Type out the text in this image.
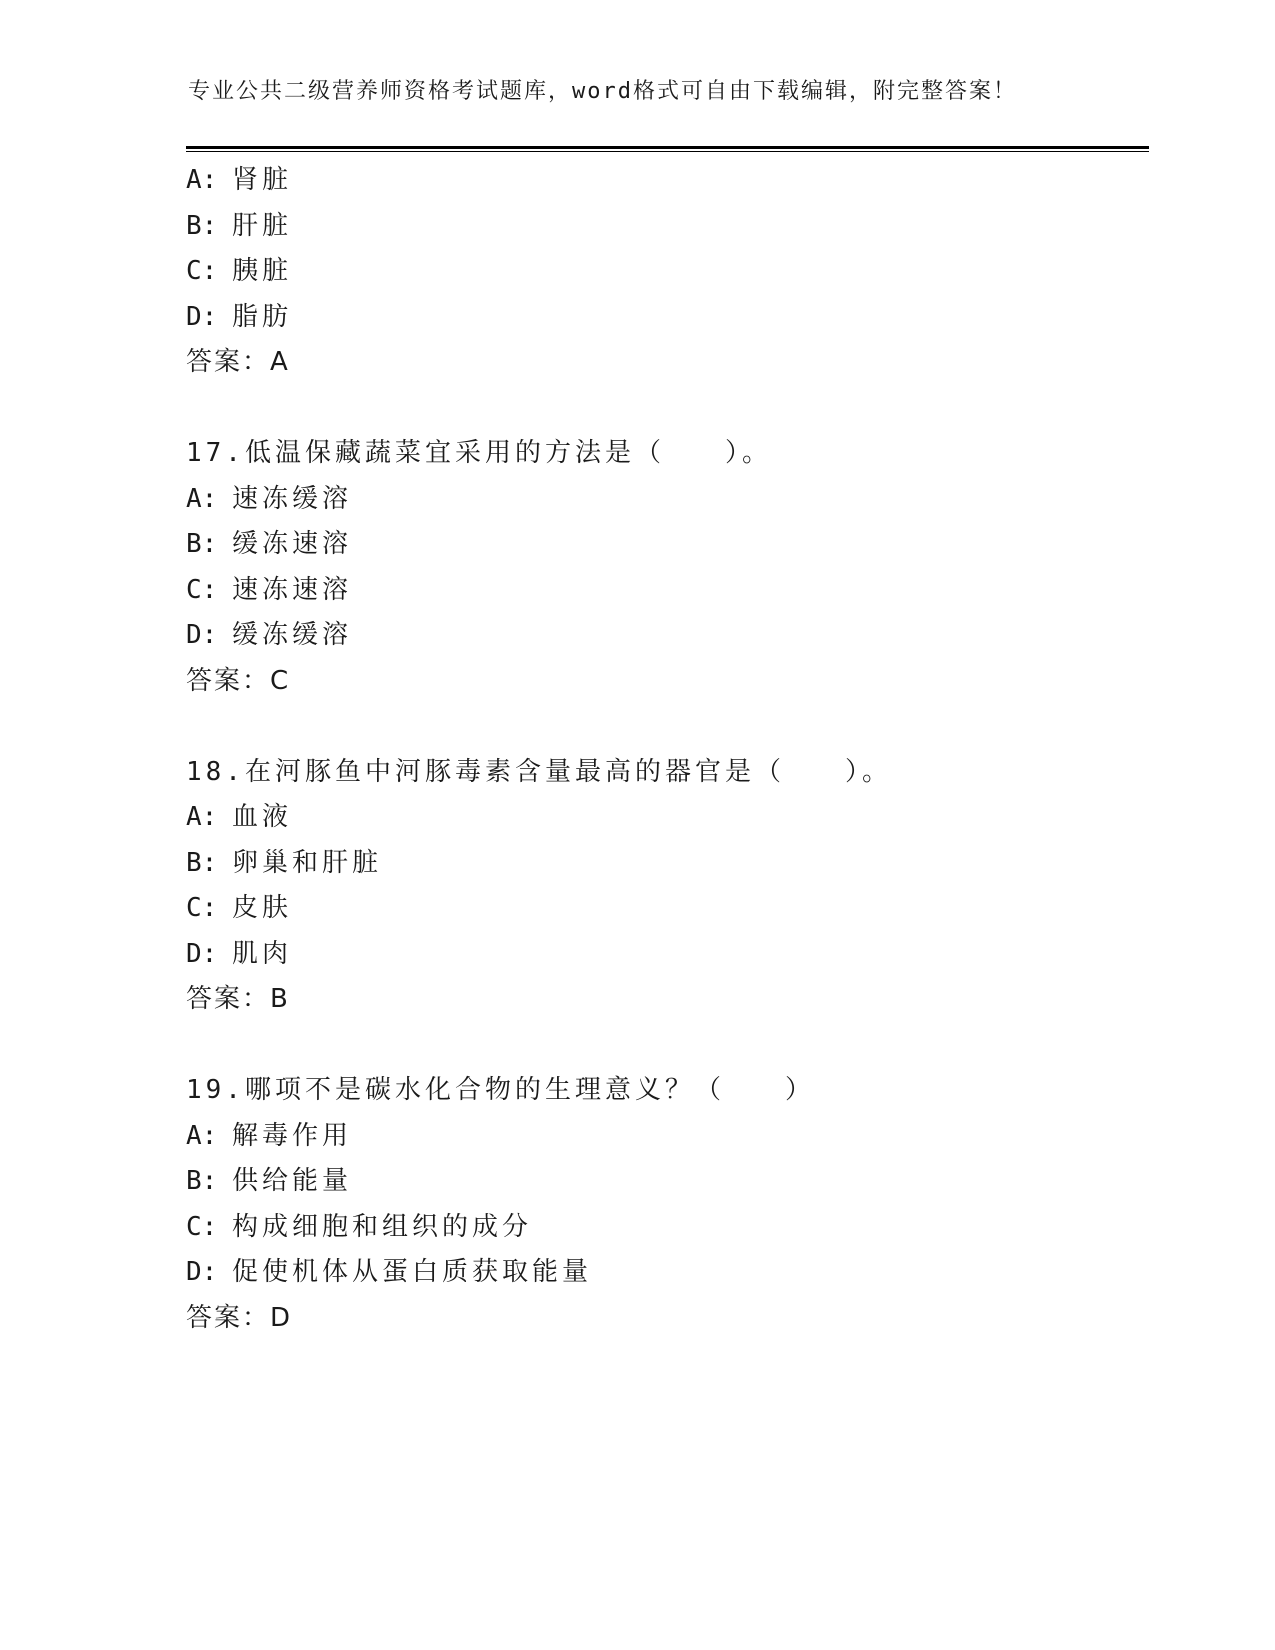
专业公共二级营养师资格考试题库，word格式可自由下载编辑，附完整答案！
A: 肾脏
B: 肝脏
C: 胰脏
D: 脂肪
答案：A
17.低温保藏蔬菜宜采用的方法是（　　）。
A: 速冻缓溶
B: 缓冻速溶
C: 速冻速溶
D: 缓冻缓溶
答案：C
18.在河豚鱼中河豚毒素含量最高的器官是（　　）。
A: 血液
B: 卵巢和肝脏
C: 皮肤
D: 肌肉
答案：B
19.哪项不是碳水化合物的生理意义？（　　）
A: 解毒作用
B: 供给能量
C: 构成细胞和组织的成分
D: 促使机体从蛋白质获取能量
答案：D
